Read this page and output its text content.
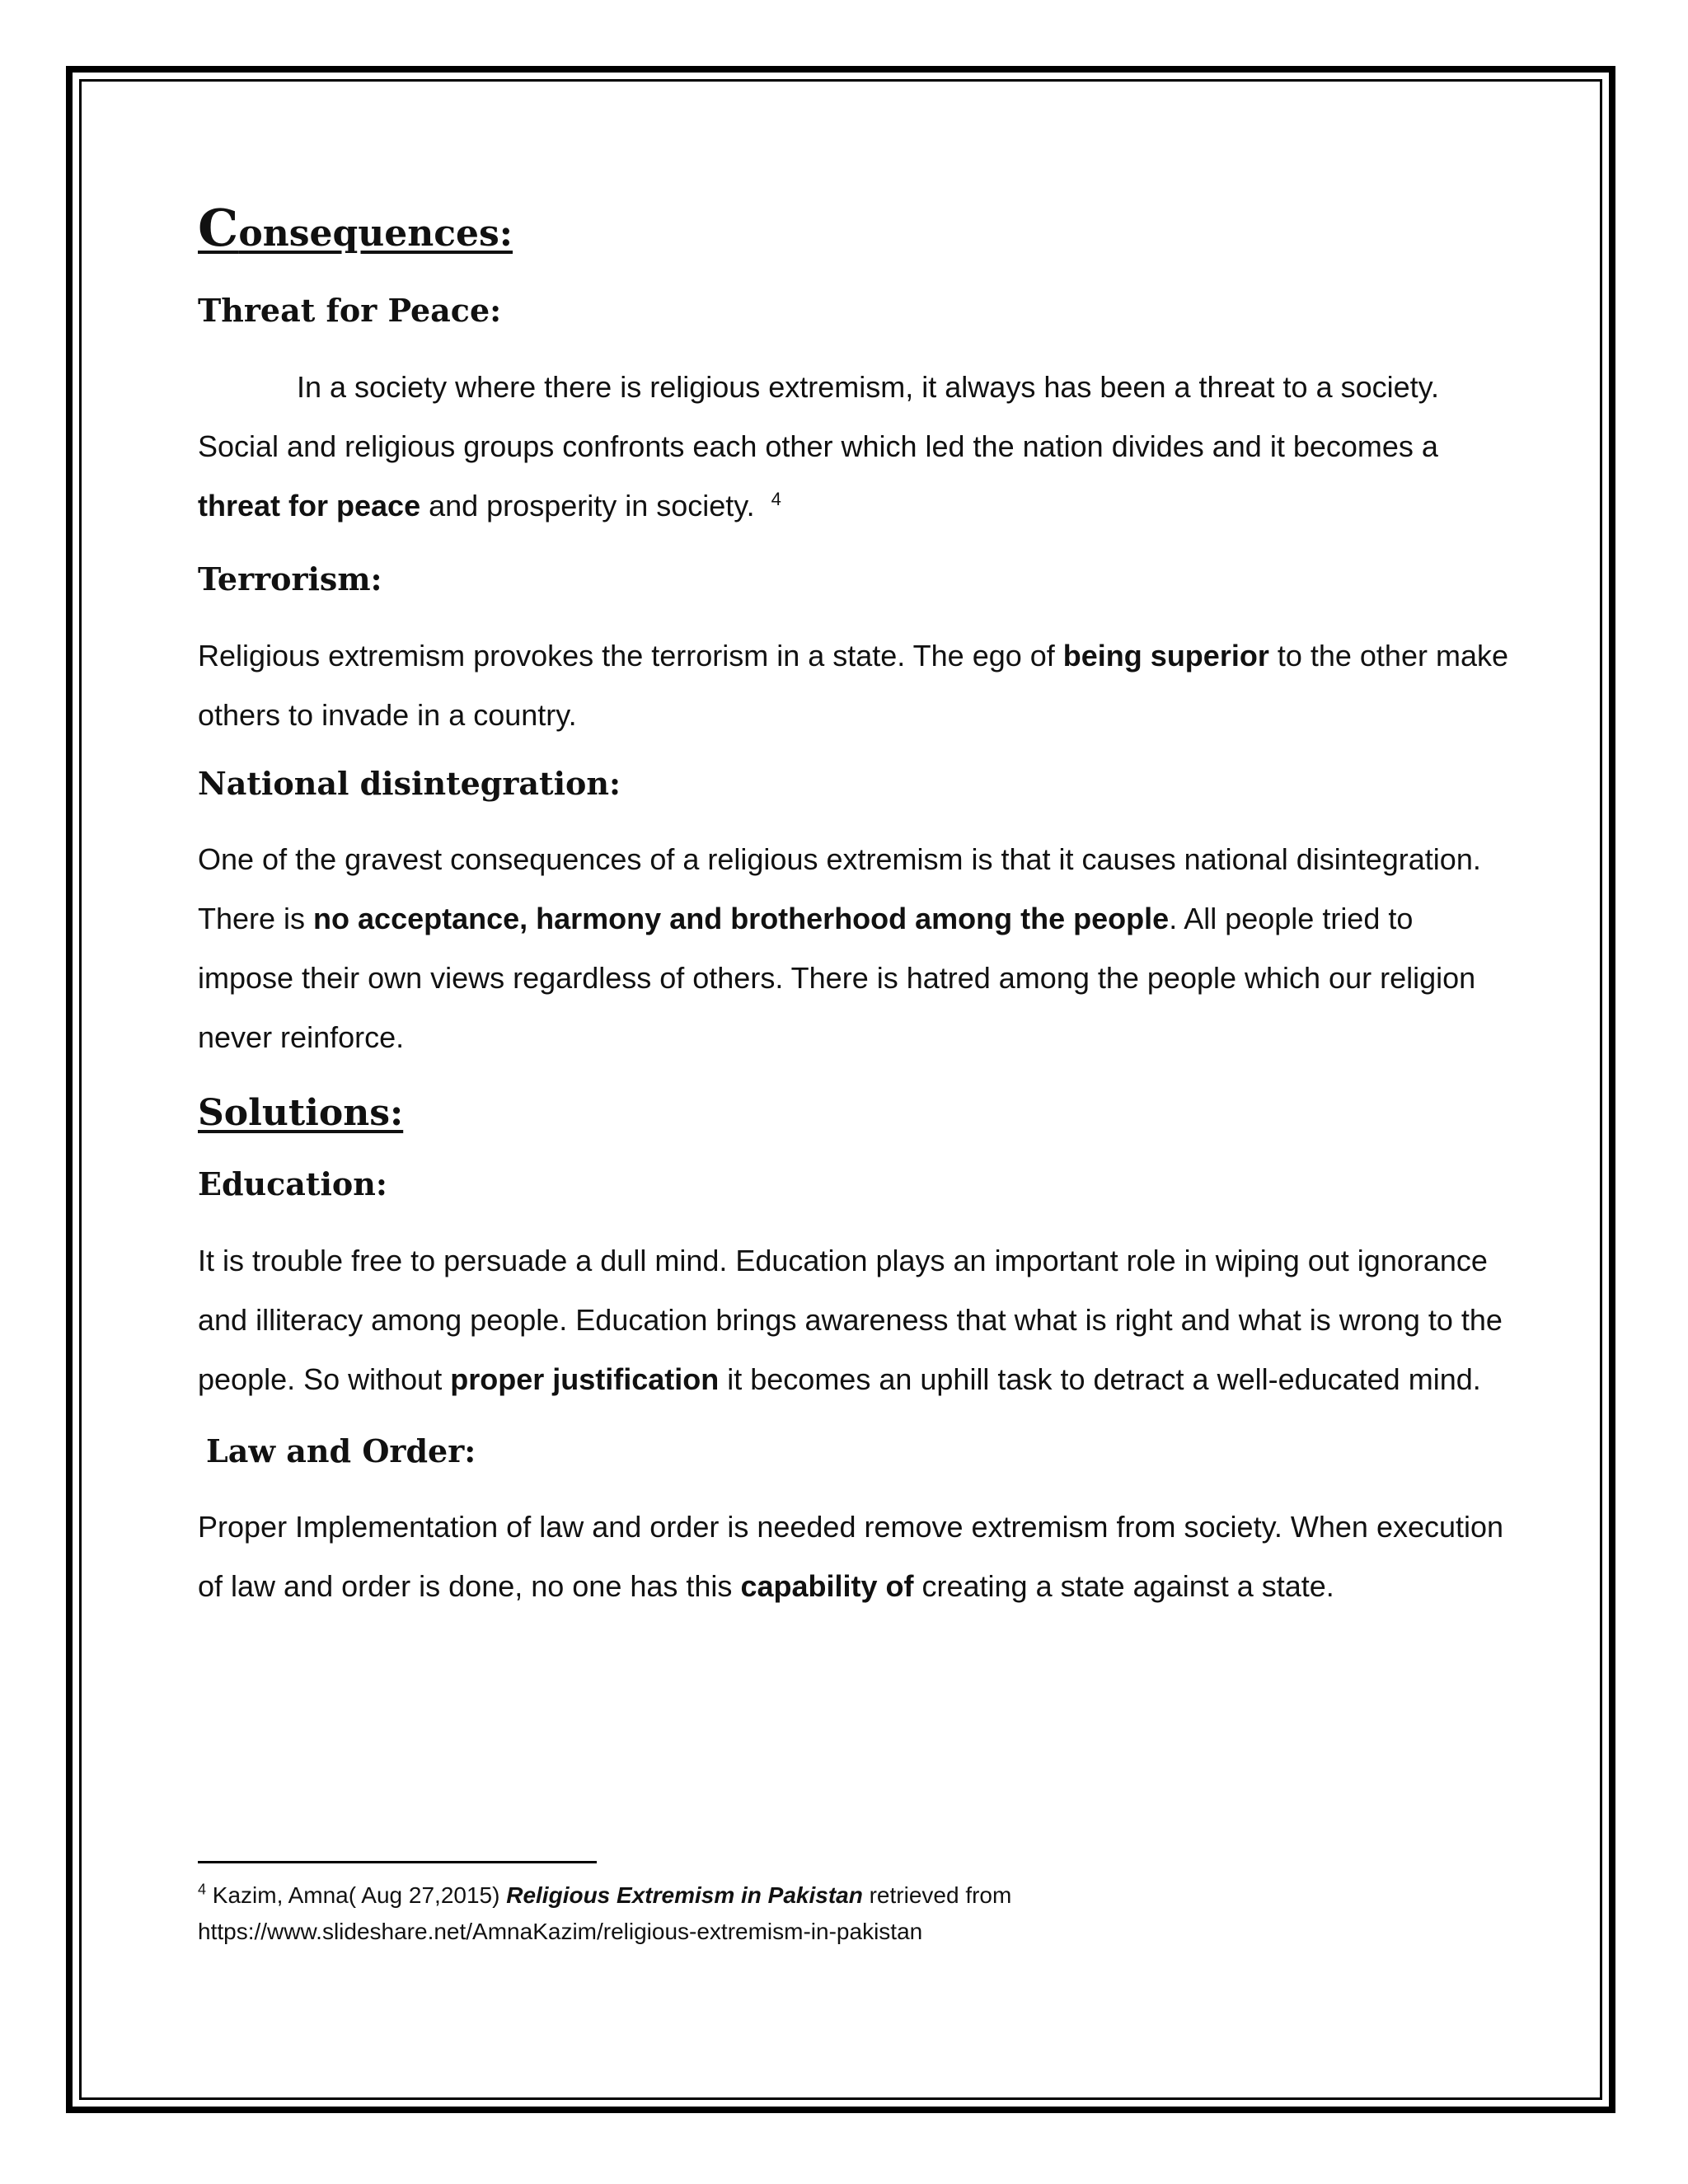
Consequences:
Threat for Peace:

In a society where there is religious extremism, it always has been a threat to a society. Social and religious groups confronts each other which led the nation divides and it becomes a
threat for peace and prosperity in society. $^4$

Terrorism:

Religious extremism provokes the terrorism in a state. The ego of being superior to the other make others to invade in a country.

National disintegration:

One of the gravest consequences of a religious extremism is that it causes national disintegration. There is no acceptance, harmony and brotherhood among the people. All people tried to impose their own views regardless of others. There is hatred among the people which our religion never reinforce.

Solutions:
Education:

It is trouble free to persuade a dull mind. Education plays an important role in wiping out ignorance and illiteracy among people. Education brings awareness that what is right and what is wrong to the people. So without proper justification it becomes an uphill task to detract a well-educated mind.

Law and Order:

Proper Implementation of law and order is needed remove extremism from society. When execution of law and order is done, no one has this capability of creating a state against a state.

$^4$ Kazim, Amna( Aug 27,2015) Religious Extremism in Pakistan retrieved from
https://www.slideshare.net/AmnaKazim/religious-extremism-in-pakistan
